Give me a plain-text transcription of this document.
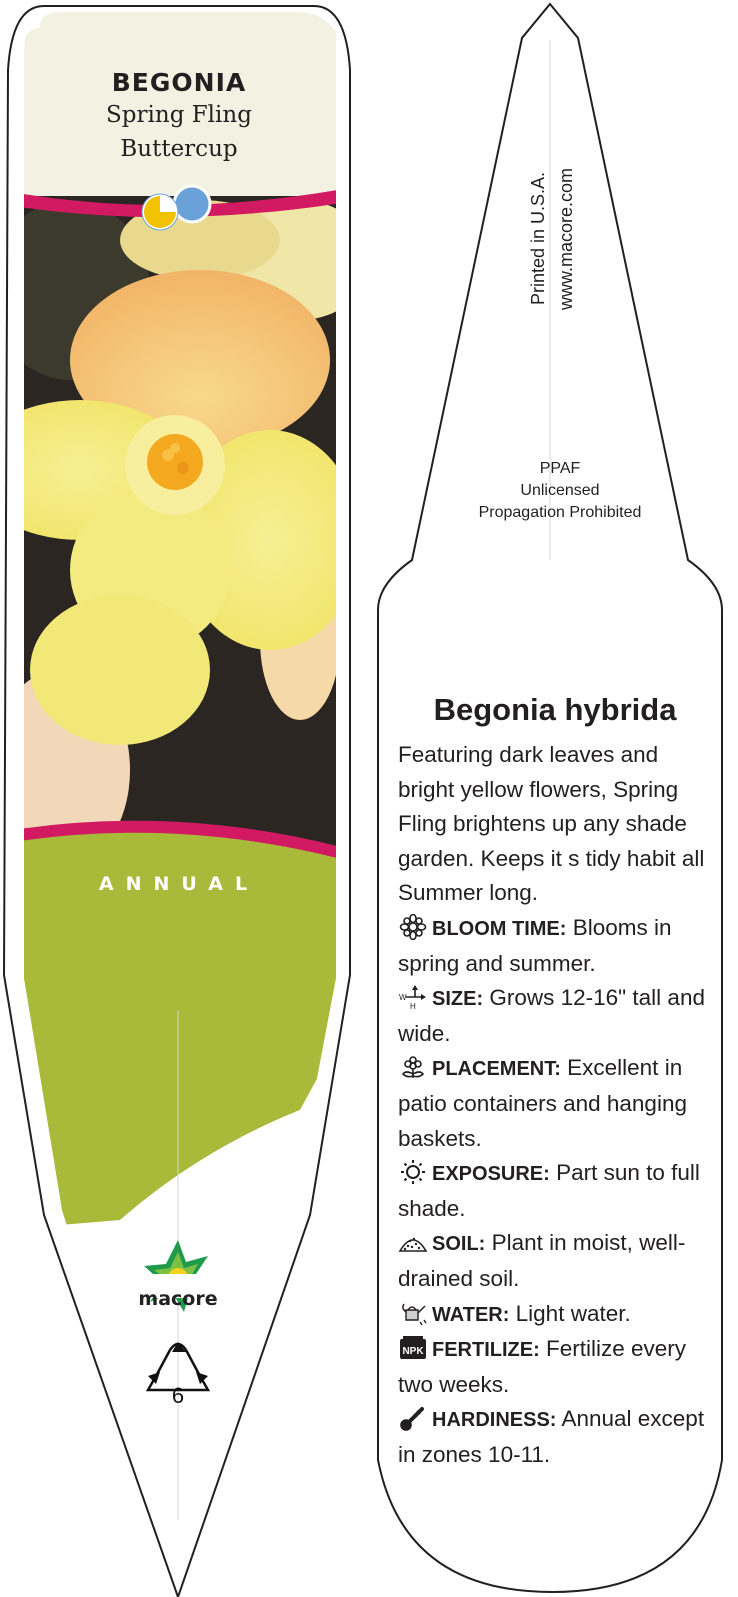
BEGONIA
Spring Fling
Buttercup
ANNUAL
macore
6
Printed in U.S.A. www.macore.com
PPAF
Unlicensed
Propagation Prohibited
Begonia hybrida

Featuring dark leaves and bright yellow flowers, Spring Fling brightens up any shade garden. Keeps it s tidy habit all Summer long.

BLOOM TIME: Blooms in spring and summer.

W
H SIZE: Grows 12-16" tall and wide.

PLACEMENT: Excellent in patio containers and hanging baskets.

EXPOSURE: Part sun to full shade.

SOIL: Plant in moist, well-drained soil.

WATER: Light water.

NPK FERTILIZE: Fertilize every two weeks.

HARDINESS: Annual except in zones 10-11.
